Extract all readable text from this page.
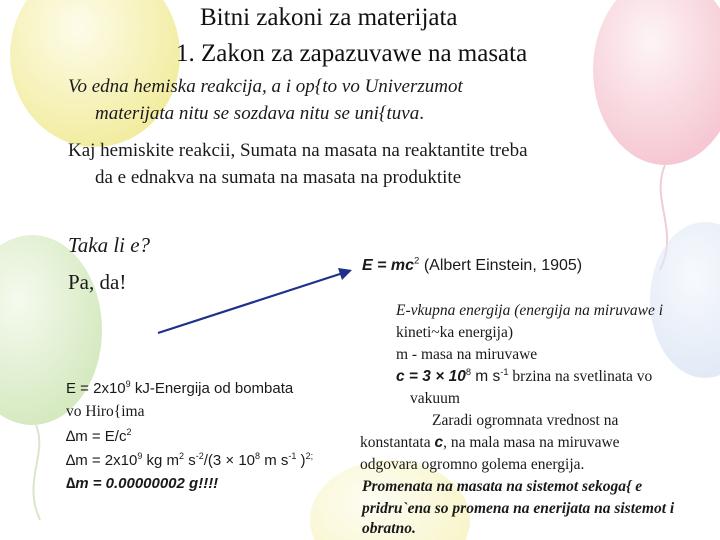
Bitni zakoni za materijata
1. Zakon za zapazuvawe na masata
Vo edna hemiska reakcija, a i op{to vo Univerzumot
materijata nitu se sozdava nitu se uni{tuva.
Kaj hemiskite reakcii, Sumata na masata na reaktantite treba
da e ednakva na sumata na masata na produktite
Taka li e?
Pa, da!
$E = mc^2$ (Albert Einstein, 1905)
E-vkupna energija (energija na miruvawe i
kineti~ka energija)
m - masa na miruvawe
$c = 3 \times 10^8$ m $s^{-1}$ brzina na svetlinata vo
vakuum
Zaradi ogromnata vrednost na
konstantata c, na mala masa na miruvawe
odgovara ogromno golema energija.
Promenata na masata na sistemot sekoga{ e
pridru`ena so promena na enerijata na sistemot i
obratno.
$E = 2x10^9$ kJ-Energija od bombata
vo Hiro{ima
$\Delta m = E/c^2$
$\Delta m = 2x10^9$ kg $m^2$ $s^{-2}/(3 \times 10^8$ m $s^{-1}$ )$^{2;}$
∆m = 0.00000002 g!!!!
